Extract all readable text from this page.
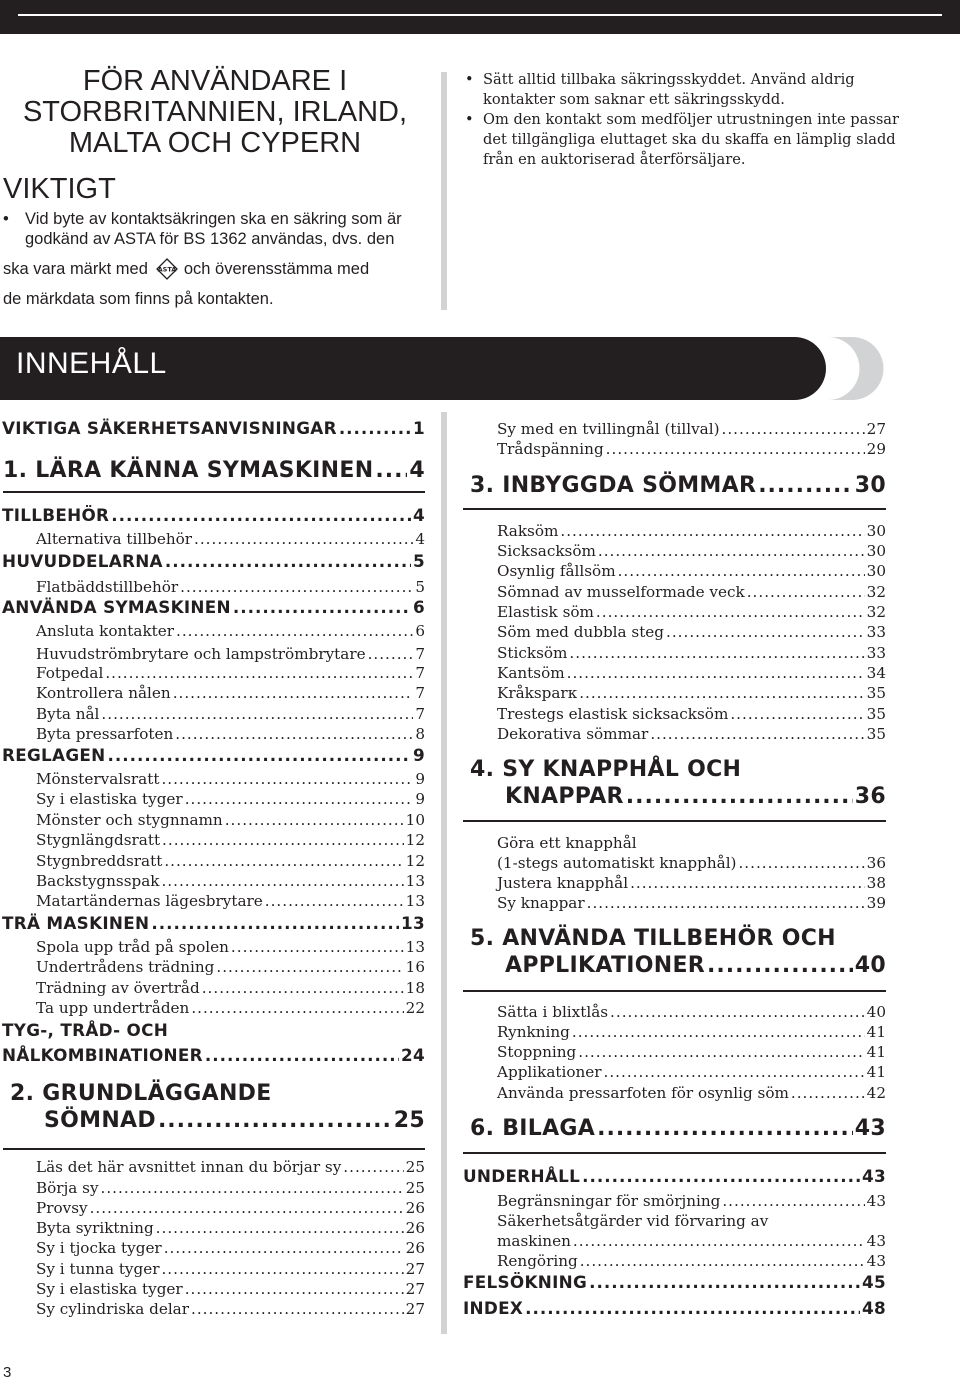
FÖR ANVÄNDARE I
STORBRITANNIEN, IRLAND,
MALTA OCH CYPERN
VIKTIGT
• Vid byte av kontaktsäkringen ska en säkring som är godkänd av ASTA för BS 1362 användas, dvs. den
ska vara märkt med ASTA och överensstämma med
de märkdata som finns på kontakten.
• Sätt alltid tillbaka säkringsskyddet. Använd aldrig kontakter som saknar ett säkringsskydd.
• Om den kontakt som medföljer utrustningen inte passar det tillgängliga eluttaget ska du skaffa en lämplig sladd från en auktoriserad återförsäljare.
INNEHÅLL
VIKTIGA SÄKERHETSANVISNINGAR .....	1
1. LÄRA KÄNNA SYMASKINEN ..... 4
TILLBEHÖR .....	4
Alternativa tillbehör .....	4
HUVUDDELARNA .....	5
Flatbäddstillbehör .....	5
ANVÄNDA SYMASKINEN .....	6
Ansluta kontakter .....	6
Huvudströmbrytare och lampströmbrytare .....	7
Fotpedal .....	7
Kontrollera nålen .....	7
Byta nål .....	7
Byta pressarfoten .....	8
REGLAGEN .....	9
Mönstervalsratt .....	9
Sy i elastiska tyger .....	9
Mönster och stygnnamn .....	10
Stygnlängdsratt .....	12
Stygnbreddsratt .....	12
Backstygnsspak .....	13
Matartändernas lägesbrytare .....	13
TRÄ MASKINEN .....	13
Spola upp tråd på spolen .....	13
Undertrådens trädning .....	16
Trädning av övertråd .....	18
Ta upp undertråden .....	22
TYG-, TRÅD- OCH
NÅLKOMBINATIONER .....	24
Läs det här avsnittet innan du börjar sy .....	25
Börja sy .....	25
Provsy .....	26
Byta syriktning .....	26
Sy i tjocka tyger .....	26
Sy i tunna tyger .....	27
Sy i elastiska tyger .....	27
Sy cylindriska delar .....	27
Sy med en tvillingnål (tillval) .....	27
Trådspänning .....	29
3. INBYGGDA SÖMMAR .....	30
Raksöm .....	30
Sicksacksöm .....	30
Osynlig fållsöm .....	30
Sömnad av musselformade veck .....	32
Elastisk söm .....	32
Söm med dubbla steg .....	33
Sticksöm .....	33
Kantsöm .....	34
Kråksparк .....	35
Trestegs elastisk sicksacksöm .....	35
Dekorativa sömmar .....	35
Göra ett knapphål
(1-stegs automatiskt knapphål) .....	36
Justera knapphål .....	38
Sy knappar .....	39
Sätta i blixtlås .....	40
Rynkning .....	41
Stoppning .....	41
Applikationer .....	41
Använda pressarfoten för osynlig söm .....	42
6. BILAGA .....	43
UNDERHÅLL .....	43
Begränsningar för smörjning .....	43
Säkerhetsåtgärder vid förvaring av
maskinen .....	43
Rengöring .....	43
FELSÖKNING .....	45
INDEX .....	48
3
2. GRUNDLÄGGANDE
SÖMNAD .....	25
4. SY KNAPPHÅL OCH
KNAPPAR .....	36
5. ANVÄNDA TILLBEHÖR OCH
APPLIKATIONER .....	40
